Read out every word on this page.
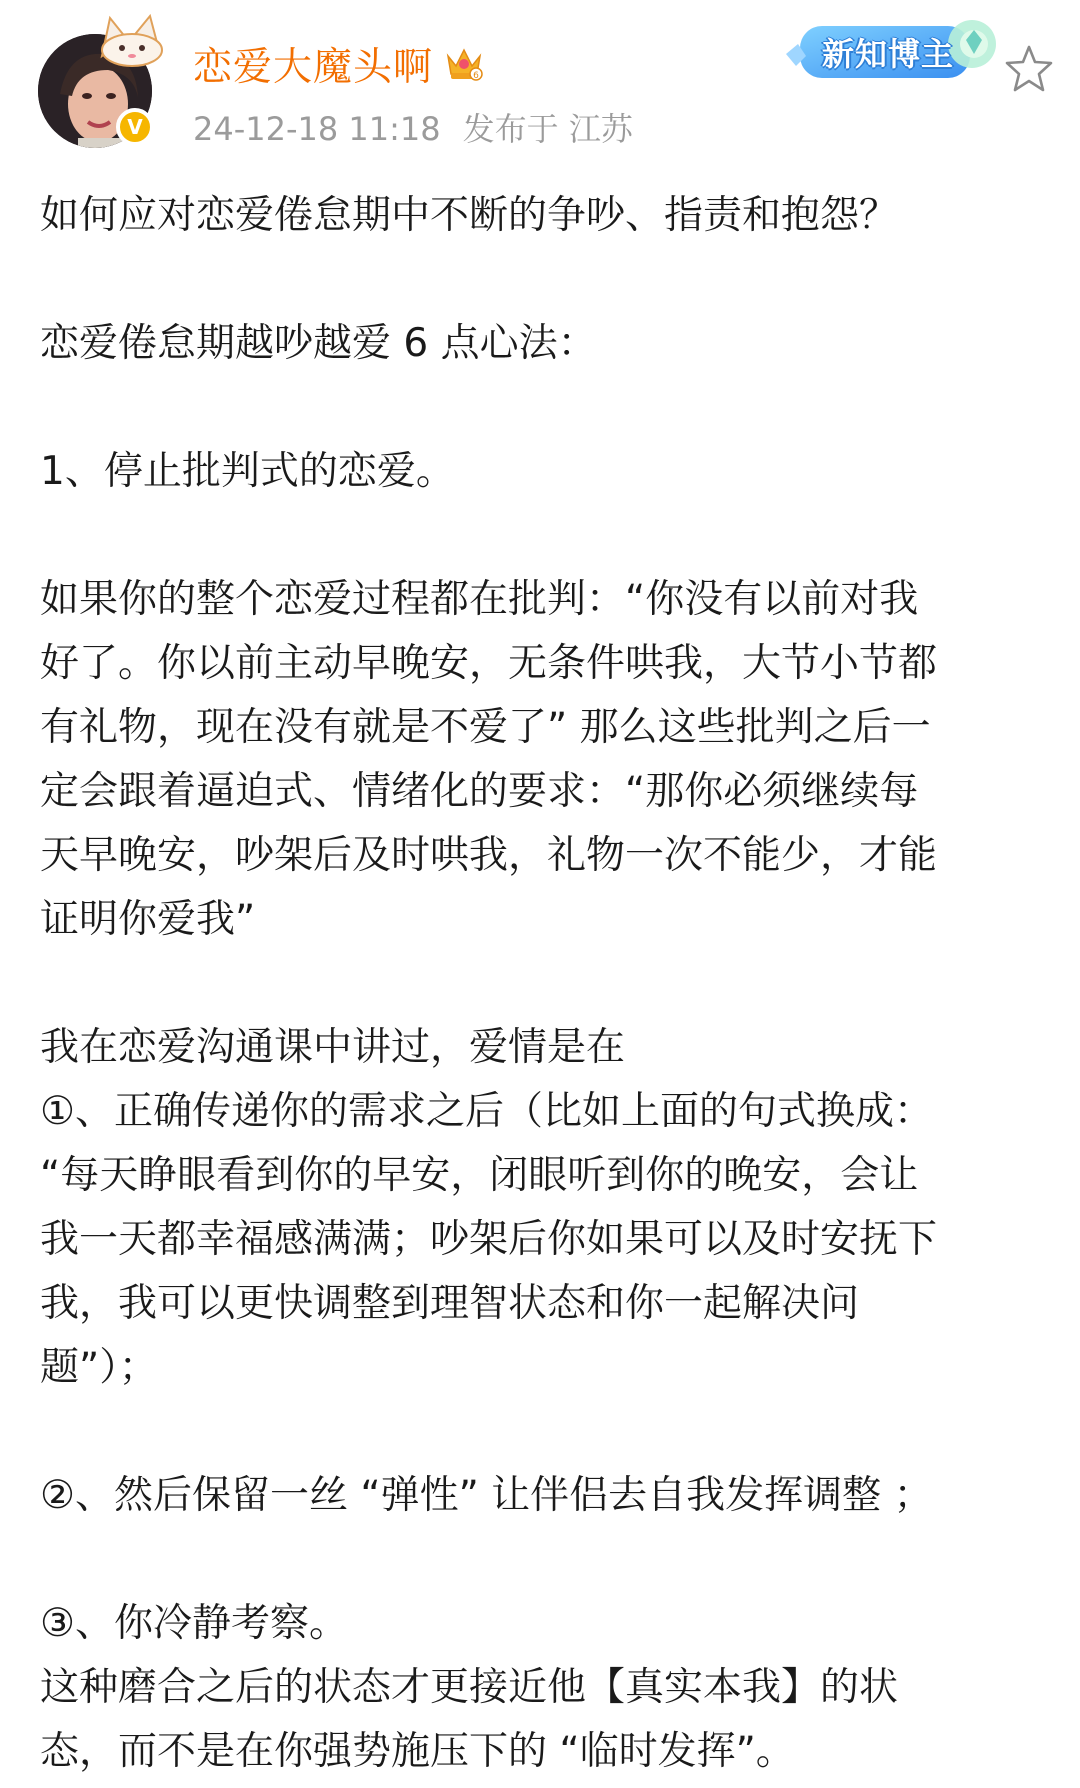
V
恋爱大魔头啊	6
24-12-18 11:18 发布于 江苏
新知博主

如何应对恋爱倦怠期中不断的争吵、指责和抱怨？

恋爱倦怠期越吵越爱 6 点心法：

1、停止批判式的恋爱。

如果你的整个恋爱过程都在批判：“你没有以前对我

好了。你以前主动早晚安，无条件哄我，大节小节都

有礼物，现在没有就是不爱了” 那么这些批判之后一

定会跟着逼迫式、情绪化的要求：“那你必须继续每

天早晚安，吵架后及时哄我，礼物一次不能少，才能

证明你爱我”

我在恋爱沟通课中讲过，爱情是在

①、正确传递你的需求之后（比如上面的句式换成：

“每天睁眼看到你的早安，闭眼听到你的晚安，会让

我一天都幸福感满满；吵架后你如果可以及时安抚下

我，我可以更快调整到理智状态和你一起解决问

题”）；

②、然后保留一丝 “弹性” 让伴侣去自我发挥调整 ；

③、你冷静考察。

这种磨合之后的状态才更接近他【真实本我】的状

态，而不是在你强势施压下的 “临时发挥”。
